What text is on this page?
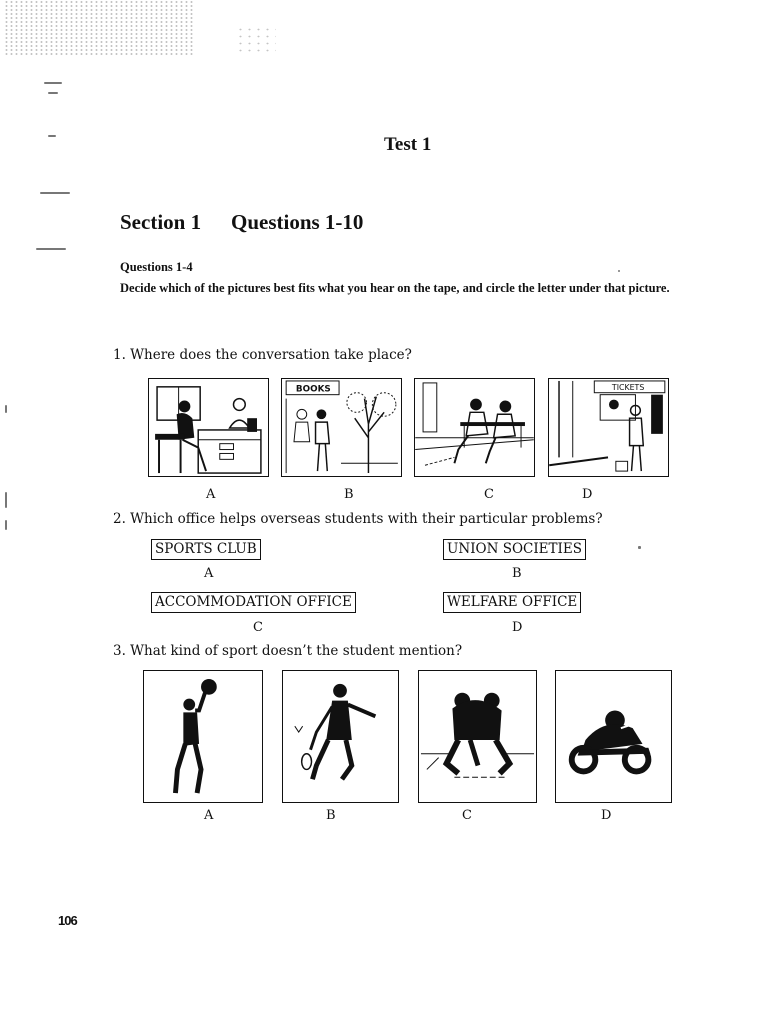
Test 1
Section 1 Questions 1-10
Questions 1-4
Decide which of the pictures best fits what you hear on the tape, and circle the letter under that picture.
1. Where does the conversation take place?
BOOKS	TICKETS
A	B	C	D
2. Which office helps overseas students with their particular problems?
SPORTS CLUB
A
UNION SOCIETIES
B
ACCOMMODATION OFFICE
C
WELFARE OFFICE
D
3. What kind of sport doesn’t the student mention?
A	B	C	D
106
